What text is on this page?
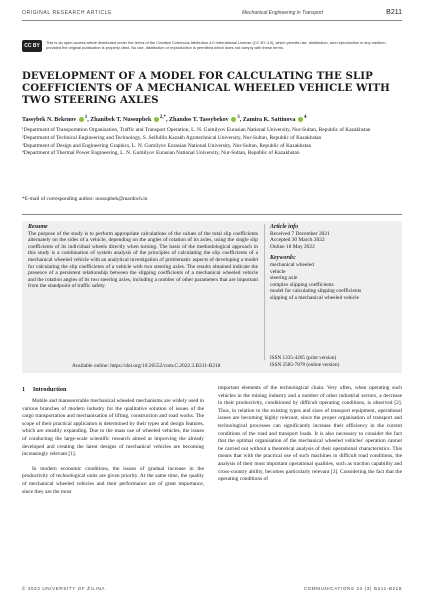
ORIGINAL RESEARCH ARTICLE	Mechanical Engineering in Transport	B211
CC BY
This is an open access article distributed under the terms of the Creative Commons Attribution 4.0 International License (CC BY 4.0), which permits use, distribution, and reproduction in any medium, provided the original publication is properly cited. No use, distribution or reproduction is permitted which does not comply with these terms.
DEVELOPMENT OF A MODEL FOR CALCULATING THE SLIP COEFFICIENTS OF A MECHANICAL WHEELED VEHICLE WITH TWO STEERING AXLES
Tassybek N. Bekenov $^1$, Zhanibek T. Nussupbek $^{2,*}$, Zhandos T. Tassybekov $^3$, Zamira K. Sattinova $^4$

¹Department of Transportation Organization, Traffic and Transport Operation, L. N. Gumilyov Eurasian National University, Nur-Sultan, Republic of Kazakhstan

²Department of Technical Engineering and Technology, S. Seifullin Kazakh Agrotechnical University, Nur-Sultan, Republic of Kazakhstan

³Department of Design and Engineering Graphics, L. N. Gumilyov Eurasian National University, Nur-Sultan, Republic of Kazakhstan

⁴Department of Thermal Power Engineering, L. N. Gumilyov Eurasian National University, Nur-Sultan, Republic of Kazakhstan

*E-mail of corresponding author: nussupbek@mardoch.in
Resume
The purpose of the study is to perform appropriate calculations of the values of the total slip coefficients alternately on the sides of a vehicle, depending on the angles of rotation of its axles, using the single slip coefficients of its individual wheels directly when turning. The basis of the methodological approach in this study is a combination of system analysis of the principles of calculating the slip coefficients of a mechanical wheeled vehicle with an analytical investigation of problematic aspects of developing a model for calculating the slip coefficients of a vehicle with two steering axles. The results obtained indicate the presence of a persistent relationship between the slipping coefficients of a mechanical wheeled vehicle and the rotation angles of its two steering axles, including a number of other parameters that are important from the standpoint of traffic safety.
Article info

Received 7 December 2021

Accepted 30 March 2022

Online 18 May 2022

Keywords:

mechanical wheeled

vehicle

steering axle

complex slipping coefficients

model for calculating slipping coefficients

slipping of a mechanical wheeled vehicle

ISSN 1335-4205 (print version)
ISSN 2585-7878 (online version)
Available online: https://doi.org/10.26552/com.C.2022.3.B211-B218
1 Introduction

Mobile and manoeuvrable mechanical wheeled mechanisms are widely used in various branches of modern industry for the qualitative solution of issues of the cargo transportation and mechanisation of lifting, construction and road works. The scope of their practical application is determined by their types and design features, which are steadily expanding. Due to the mass use of wheeled vehicles, the issues of conducting the large-scale scientific research aimed at improving the already developed and creating the latest designs of mechanical vehicles are becoming increasingly relevant [1].

In modern economic conditions, the issues of gradual increase in the productivity of technological units are given priority. At the same time, the quality of mechanical wheeled vehicles and their performance are of great importance, since they are the most

important elements of the technological chain. Very often, when operating such vehicles in the mining industry and a number of other industrial sectors, a decrease in their productivity, conditioned by difficult operating conditions, is observed [2]. Thus, in relation to the existing types and sizes of transport equipment, operational issues are becoming highly relevant, since the proper organisation of transport and technological processes can significantly increase their efficiency in the current conditions of the road and transport loads. It is also necessary to consider the fact that the optimal organisation of the mechanical wheeled vehicles' operation cannot be carried out without a theoretical analysis of their operational characteristics. This means that with the practical use of such machines in difficult road conditions, the analysis of their most important operational qualities, such as traction capability and cross-country ability, becomes particularly relevant [3]. Considering the fact that the operating conditions of

© 2022 UNIVERSITY OF ŽILINA	COMMUNICATIONS 24 (3) B211-B218
